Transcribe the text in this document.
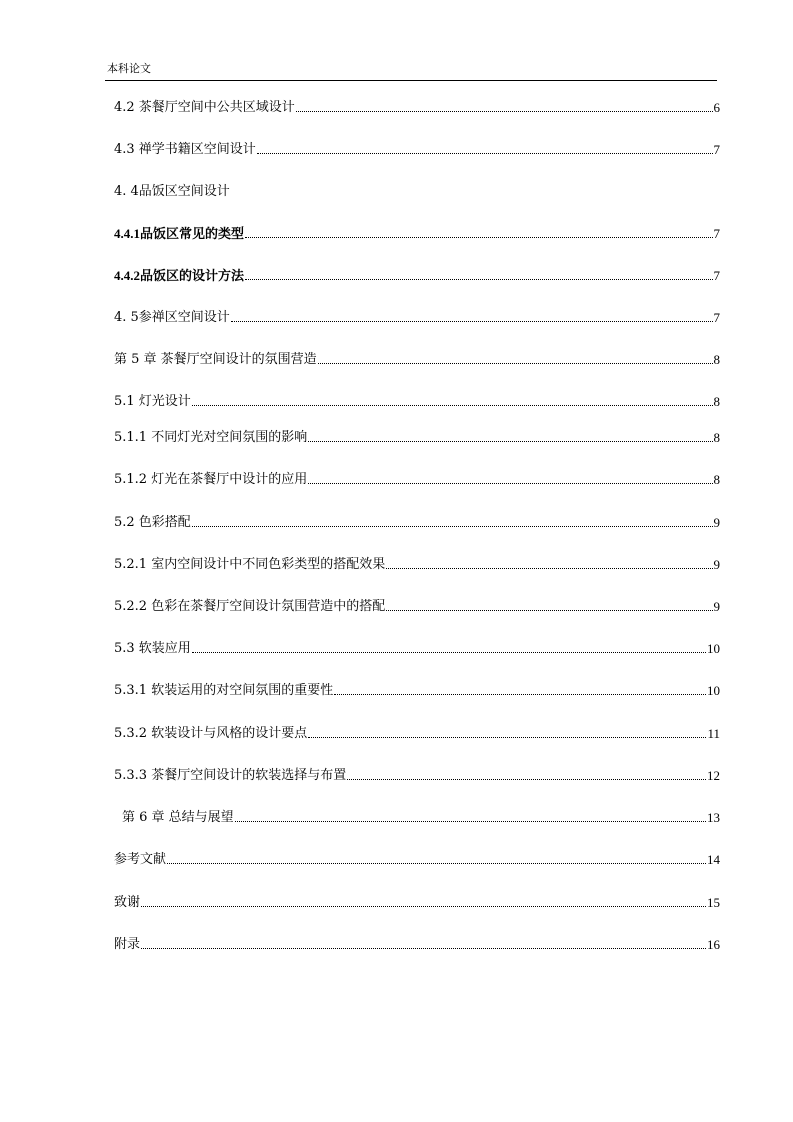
本科论文
4.2 茶餐厅空间中公共区域设计	6
4.3 禅学书籍区空间设计	7
4. 4品饭区空间设计
4.4.1品饭区常见的类型	7
4.4.2品饭区的设计方法	7
4. 5参禅区空间设计	7
第 5 章 茶餐厅空间设计的氛围营造	8
5.1 灯光设计	8
5.1.1 不同灯光对空间氛围的影响	8
5.1.2 灯光在茶餐厅中设计的应用	8
5.2 色彩搭配	9
5.2.1 室内空间设计中不同色彩类型的搭配效果	9
5.2.2 色彩在茶餐厅空间设计氛围营造中的搭配	9
5.3 软装应用	10
5.3.1 软装运用的对空间氛围的重要性	10
5.3.2 软装设计与风格的设计要点	11
5.3.3 茶餐厅空间设计的软装选择与布置	12
第 6 章 总结与展望	13
参考文献	14
致谢	15
附录	16
